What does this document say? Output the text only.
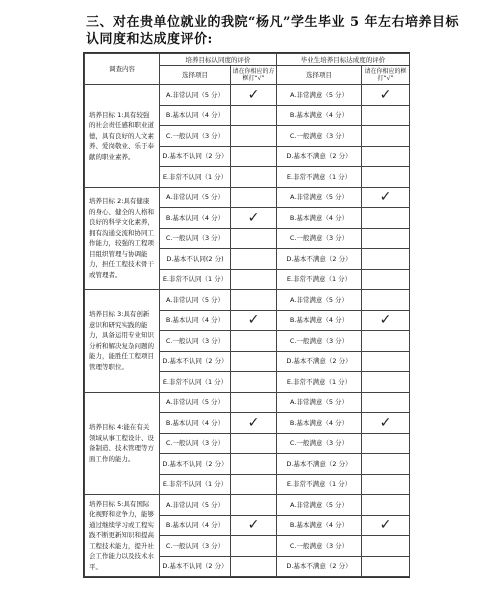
三、对在贵单位就业的我院“杨凡”学生毕业 5 年左右培养目标认同度和达成度评价:
调查内容	培养目标认同度的评价		毕业生培养目标达成度的评价	
	选择项目	请在你相应的方框打“√”	选择项目	请在你相应的框打“√”
培养目标 1:具有较强的社会责任感和职业道德，具有良好的人文素养、爱岗敬业、乐于奉献的职业素养。	A.非常认同（5 分）	✓	A.非常满意（5 分）	✓
	B.基本认同（4 分）		B.基本满意（4 分）	
	C.一般认同（3 分）		C.一般满意（3 分）	
	D.基本不认同（2 分）		D.基本不满意（2 分）	
	E.非常不认同（1 分）		E.非常不满意（1 分）	
培养目标 2:具有健康的身心、健全的人格和良好的科学文化素养，拥有沟通交流和协同工作能力，较强的工程项目组织管理与协调能力，担任工程技术骨干或管理者。	A.非常认同（5 分）		A.非常满意（5 分）	✓
	B.基本认同（4 分）	✓	B.基本满意（4 分）	
	C.一般认同（3 分）		C.一般满意（3 分）	
	D.基本不认同(2 分)		D.基本不满意（2 分）	
	E.非常不认同（1 分）		E.非常不满意（1 分）	
培养目标 3:具有创新意识和研究实践的能力，具备运用专业知识分析和解决复杂问题的能力，能胜任工程项目管理等职位。	A.非常认同（5 分）		A.非常满意（5 分）	
	B.基本认同（4 分）	✓	B.基本满意（4 分）	✓
	C.一般认同（3 分）		C.一般满意（3 分）	
	D.基本不认同（2 分）		D.基本不满意（2 分）	
	E.非常不认同（1 分）		E.非常不满意（1 分）	
培养目标 4:能在有关领域从事工程设计、设备制造、技术管理等方面工作的能力。	A.非常认同（5 分）		A.非常满意（5 分）	
	B.基本认同（4 分）	✓	B.基本满意（4 分）	✓
	C.一般认同（3 分）		C.一般满意（3 分）	
	D.基本不认同（2 分）		D.基本不满意（2 分）	
	E.非常不认同（1 分）		E.非常不满意（1 分）	
培养目标 5:具有国际化视野和竞争力，能够通过继续学习或工程实践不断更新知识和提高工程技术能力，提升社会工作能力以及技术水平。	A.非常认同（5 分）		A.非常满意（5 分）	
	B.基本认同（4 分）	✓	B.基本满意（4 分）	✓
	C.一般认同（3 分）		C.一般满意（3 分）	
	D.基本不认同（2 分）		D.基本不满意（2 分）	
